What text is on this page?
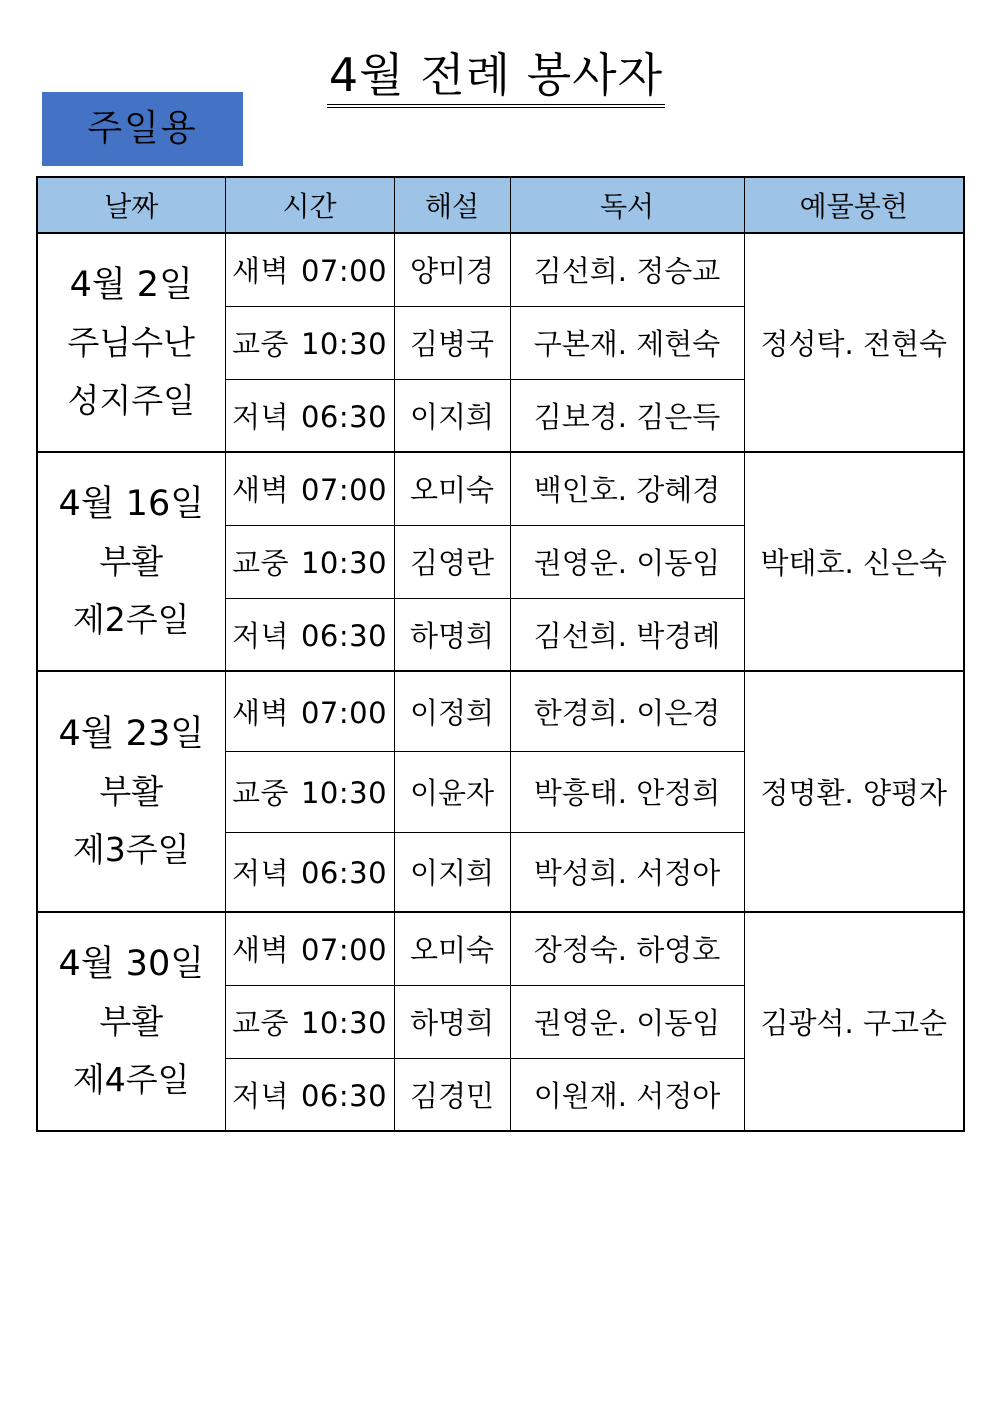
4월 전례 봉사자
주일용
날짜	시간	해설	독서	예물봉헌

4월 2일
주님수난
성지주일	새벽 07:00	양미경	김선희. 정승교	정성탁. 전현숙
	교중 10:30	김병국	구본재. 제현숙	
	저녁 06:30	이지희	김보경. 김은득	

4월 16일
부활
제2주일	새벽 07:00	오미숙	백인호. 강혜경	박태호. 신은숙
	교중 10:30	김영란	권영운. 이동임	
	저녁 06:30	하명희	김선희. 박경례	

4월 23일
부활
제3주일	새벽 07:00	이정희	한경희. 이은경	정명환. 양평자
	교중 10:30	이윤자	박흥태. 안정희	
	저녁 06:30	이지희	박성희. 서정아	

4월 30일
부활
제4주일	새벽 07:00	오미숙	장정숙. 하영호	김광석. 구고순
	교중 10:30	하명희	권영운. 이동임	
	저녁 06:30	김경민	이원재. 서정아	
